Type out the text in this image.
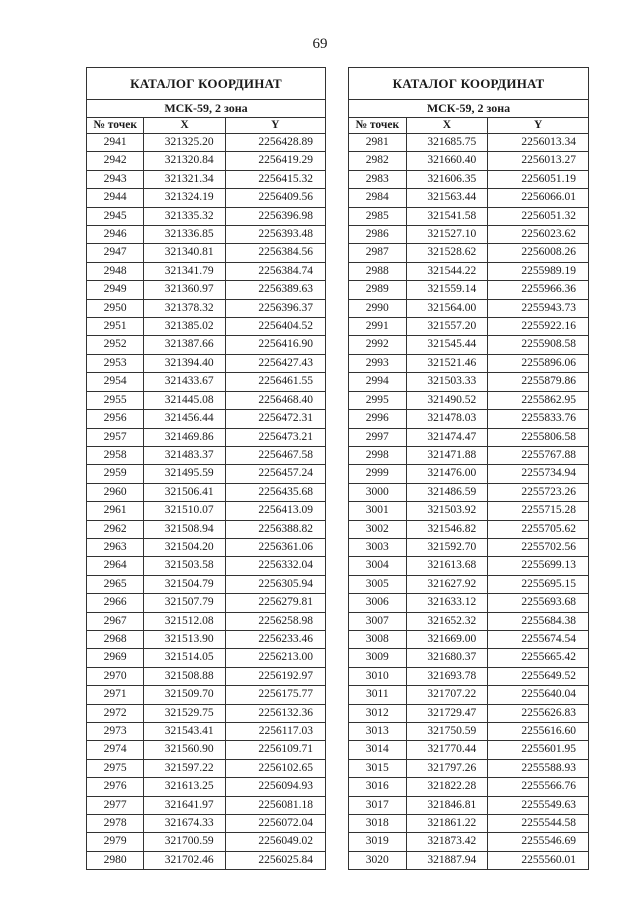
69
КАТАЛОГ КООРДИНАТ		
МСК-59, 2 зона		
№ точек	X	Y
2941	321325.20	2256428.89
2942	321320.84	2256419.29
2943	321321.34	2256415.32
2944	321324.19	2256409.56
2945	321335.32	2256396.98
2946	321336.85	2256393.48
2947	321340.81	2256384.56
2948	321341.79	2256384.74
2949	321360.97	2256389.63
2950	321378.32	2256396.37
2951	321385.02	2256404.52
2952	321387.66	2256416.90
2953	321394.40	2256427.43
2954	321433.67	2256461.55
2955	321445.08	2256468.40
2956	321456.44	2256472.31
2957	321469.86	2256473.21
2958	321483.37	2256467.58
2959	321495.59	2256457.24
2960	321506.41	2256435.68
2961	321510.07	2256413.09
2962	321508.94	2256388.82
2963	321504.20	2256361.06
2964	321503.58	2256332.04
2965	321504.79	2256305.94
2966	321507.79	2256279.81
2967	321512.08	2256258.98
2968	321513.90	2256233.46
2969	321514.05	2256213.00
2970	321508.88	2256192.97
2971	321509.70	2256175.77
2972	321529.75	2256132.36
2973	321543.41	2256117.03
2974	321560.90	2256109.71
2975	321597.22	2256102.65
2976	321613.25	2256094.93
2977	321641.97	2256081.18
2978	321674.33	2256072.04
2979	321700.59	2256049.02
2980	321702.46	2256025.84
КАТАЛОГ КООРДИНАТ		
МСК-59, 2 зона		
№ точек	X	Y
2981	321685.75	2256013.34
2982	321660.40	2256013.27
2983	321606.35	2256051.19
2984	321563.44	2256066.01
2985	321541.58	2256051.32
2986	321527.10	2256023.62
2987	321528.62	2256008.26
2988	321544.22	2255989.19
2989	321559.14	2255966.36
2990	321564.00	2255943.73
2991	321557.20	2255922.16
2992	321545.44	2255908.58
2993	321521.46	2255896.06
2994	321503.33	2255879.86
2995	321490.52	2255862.95
2996	321478.03	2255833.76
2997	321474.47	2255806.58
2998	321471.88	2255767.88
2999	321476.00	2255734.94
3000	321486.59	2255723.26
3001	321503.92	2255715.28
3002	321546.82	2255705.62
3003	321592.70	2255702.56
3004	321613.68	2255699.13
3005	321627.92	2255695.15
3006	321633.12	2255693.68
3007	321652.32	2255684.38
3008	321669.00	2255674.54
3009	321680.37	2255665.42
3010	321693.78	2255649.52
3011	321707.22	2255640.04
3012	321729.47	2255626.83
3013	321750.59	2255616.60
3014	321770.44	2255601.95
3015	321797.26	2255588.93
3016	321822.28	2255566.76
3017	321846.81	2255549.63
3018	321861.22	2255544.58
3019	321873.42	2255546.69
3020	321887.94	2255560.01
